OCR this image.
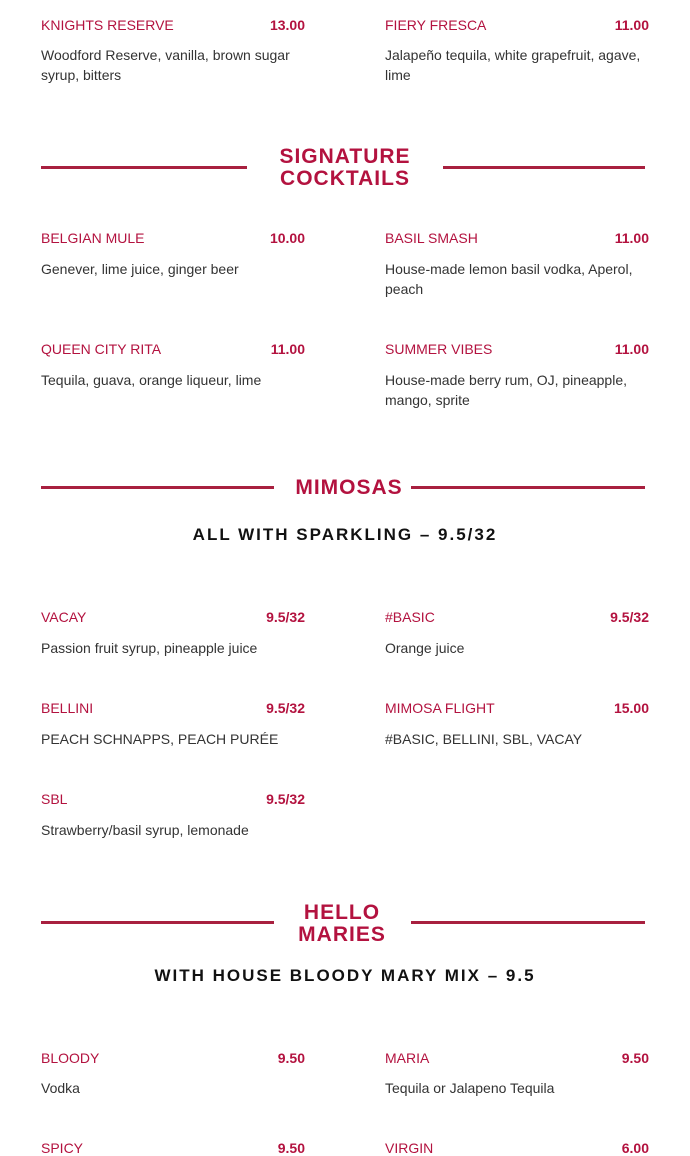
KNIGHTS RESERVE	13.00
Woodford Reserve, vanilla, brown sugar syrup, bitters
FIERY FRESCA	11.00
Jalapeño tequila, white grapefruit, agave, lime
SIGNATURE
COCKTAILS
BELGIAN MULE	10.00
Genever, lime juice, ginger beer
BASIL SMASH	11.00
House-made lemon basil vodka, Aperol, peach
QUEEN CITY RITA	11.00
Tequila, guava, orange liqueur, lime
SUMMER VIBES	11.00
House-made berry rum, OJ, pineapple, mango, sprite
MIMOSAS
ALL WITH SPARKLING – 9.5/32
VACAY	9.5/32
Passion fruit syrup, pineapple juice
#BASIC	9.5/32
Orange juice
BELLINI	9.5/32
PEACH SCHNAPPS, PEACH PURÉE
MIMOSA FLIGHT	15.00
#BASIC, BELLINI, SBL, VACAY
SBL	9.5/32
Strawberry/basil syrup, lemonade
HELLO
MARIES
WITH HOUSE BLOODY MARY MIX – 9.5
BLOODY	9.50
Vodka
MARIA	9.50
Tequila or Jalapeno Tequila
SPICY	9.50	VIRGIN	6.00
